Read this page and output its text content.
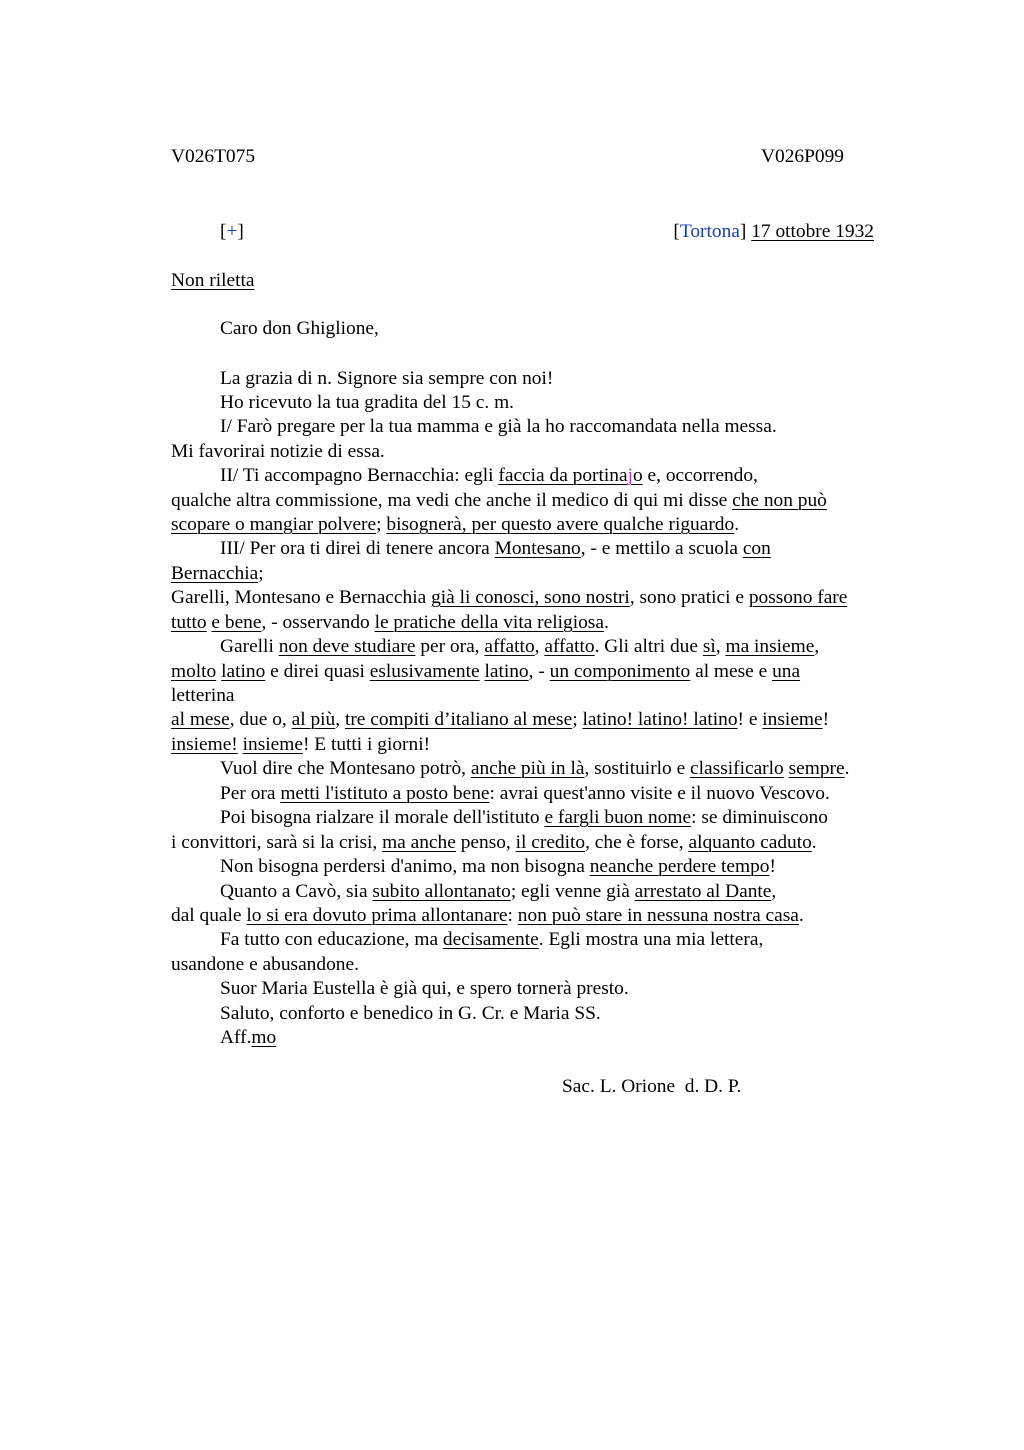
V026T075	V026P099
[+]	[Tortona] 17 ottobre 1932
Non riletta
Caro don Ghiglione,
La grazia di n. Signore sia sempre con noi!
Ho ricevuto la tua gradita del 15 c. m.
I/ Farò pregare per la tua mamma e già la ho raccomandata nella messa.
Mi favorirai notizie di essa.
II/ Ti accompagno Bernacchia: egli faccia da portinajo e, occorrendo,
qualche altra commissione, ma vedi che anche il medico di qui mi disse che non può
scopare o mangiar polvere; bisognerà, per questo avere qualche riguardo.
III/ Per ora ti direi di tenere ancora Montesano, - e mettilo a scuola con
Bernacchia;
Garelli, Montesano e Bernacchia già li conosci, sono nostri, sono pratici e possono fare
tutto e bene, - osservando le pratiche della vita religiosa.
Garelli non deve studiare per ora, affatto, affatto. Gli altri due sì, ma insieme,
molto latino e direi quasi eslusivamente latino, - un componimento al mese e una
letterina
al mese, due o, al più, tre compiti d’italiano al mese; latino! latino! latino! e insieme!
insieme! insieme! E tutti i giorni!
Vuol dire che Montesano potrò, anche più in là, sostituirlo e classificarlo sempre.
Per ora metti l'istituto a posto bene: avrai quest'anno visite e il nuovo Vescovo.
Poi bisogna rialzare il morale dell'istituto e fargli buon nome: se diminuiscono
i convittori, sarà si la crisi, ma anche penso, il credito, che è forse, alquanto caduto.
Non bisogna perdersi d'animo, ma non bisogna neanche perdere tempo!
Quanto a Cavò, sia subito allontanato; egli venne già arrestato al Dante,
dal quale lo si era dovuto prima allontanare: non può stare in nessuna nostra casa.
Fa tutto con educazione, ma decisamente. Egli mostra una mia lettera,
usandone e abusandone.
Suor Maria Eustella è già qui, e spero tornerà presto.
Saluto, conforto e benedico in G. Cr. e Maria SS.
Aff.mo
Sac. L. Orione  d. D. P.
